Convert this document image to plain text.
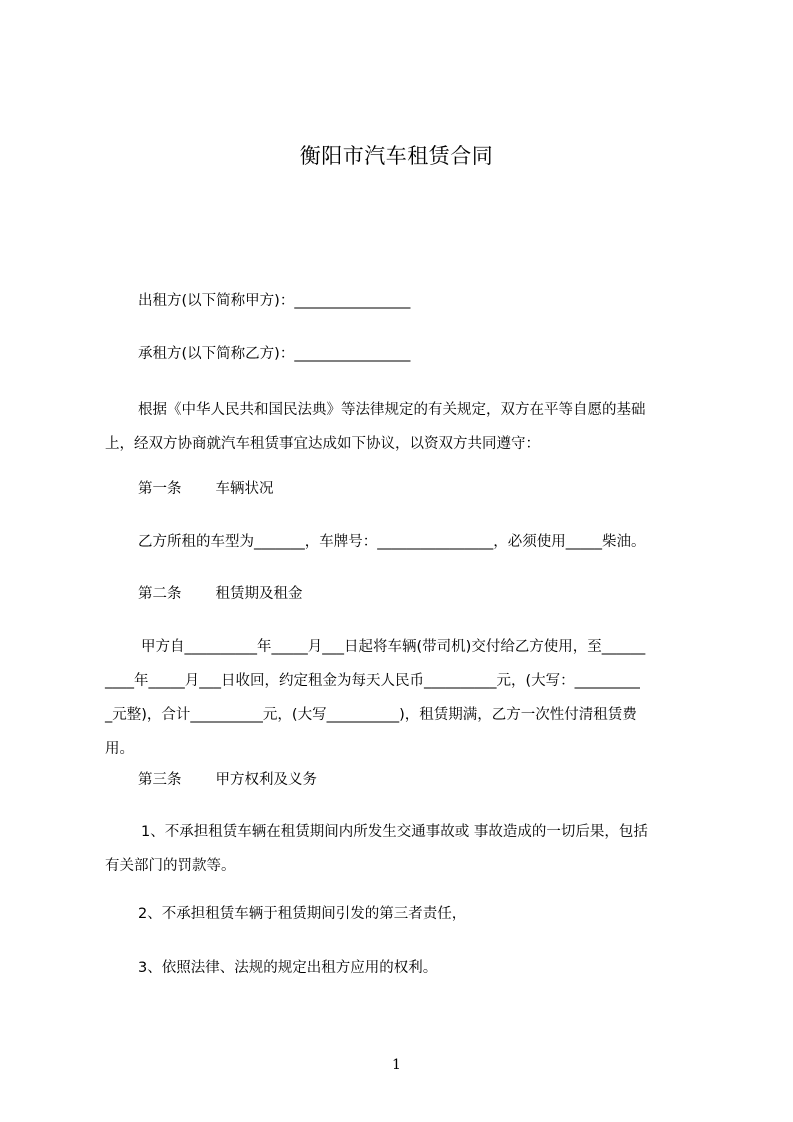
衡阳市汽车租赁合同
出租方(以下简称甲方)：________________
承租方(以下简称乙方)：________________
根据《中华人民共和国民法典》等法律规定的有关规定，双方在平等自愿的基础
上，经双方协商就汽车租赁事宜达成如下协议，以资双方共同遵守：
第一条 车辆状况
乙方所租的车型为_______，车牌号：________________，必须使用_____柴油。
第二条 租赁期及租金
甲方自__________年_____月___日起将车辆(带司机)交付给乙方使用，至______
____年_____月___日收回，约定租金为每天人民币__________元，(大写：_________
_元整)，合计__________元，(大写__________)，租赁期满，乙方一次性付清租赁费
用。
第三条 甲方权利及义务
1、不承担租赁车辆在租赁期间内所发生交通事故或 事故造成的一切后果，包括
有关部门的罚款等。
2、不承担租赁车辆于租赁期间引发的第三者责任，
3、依照法律、法规的规定出租方应用的权利。
1
